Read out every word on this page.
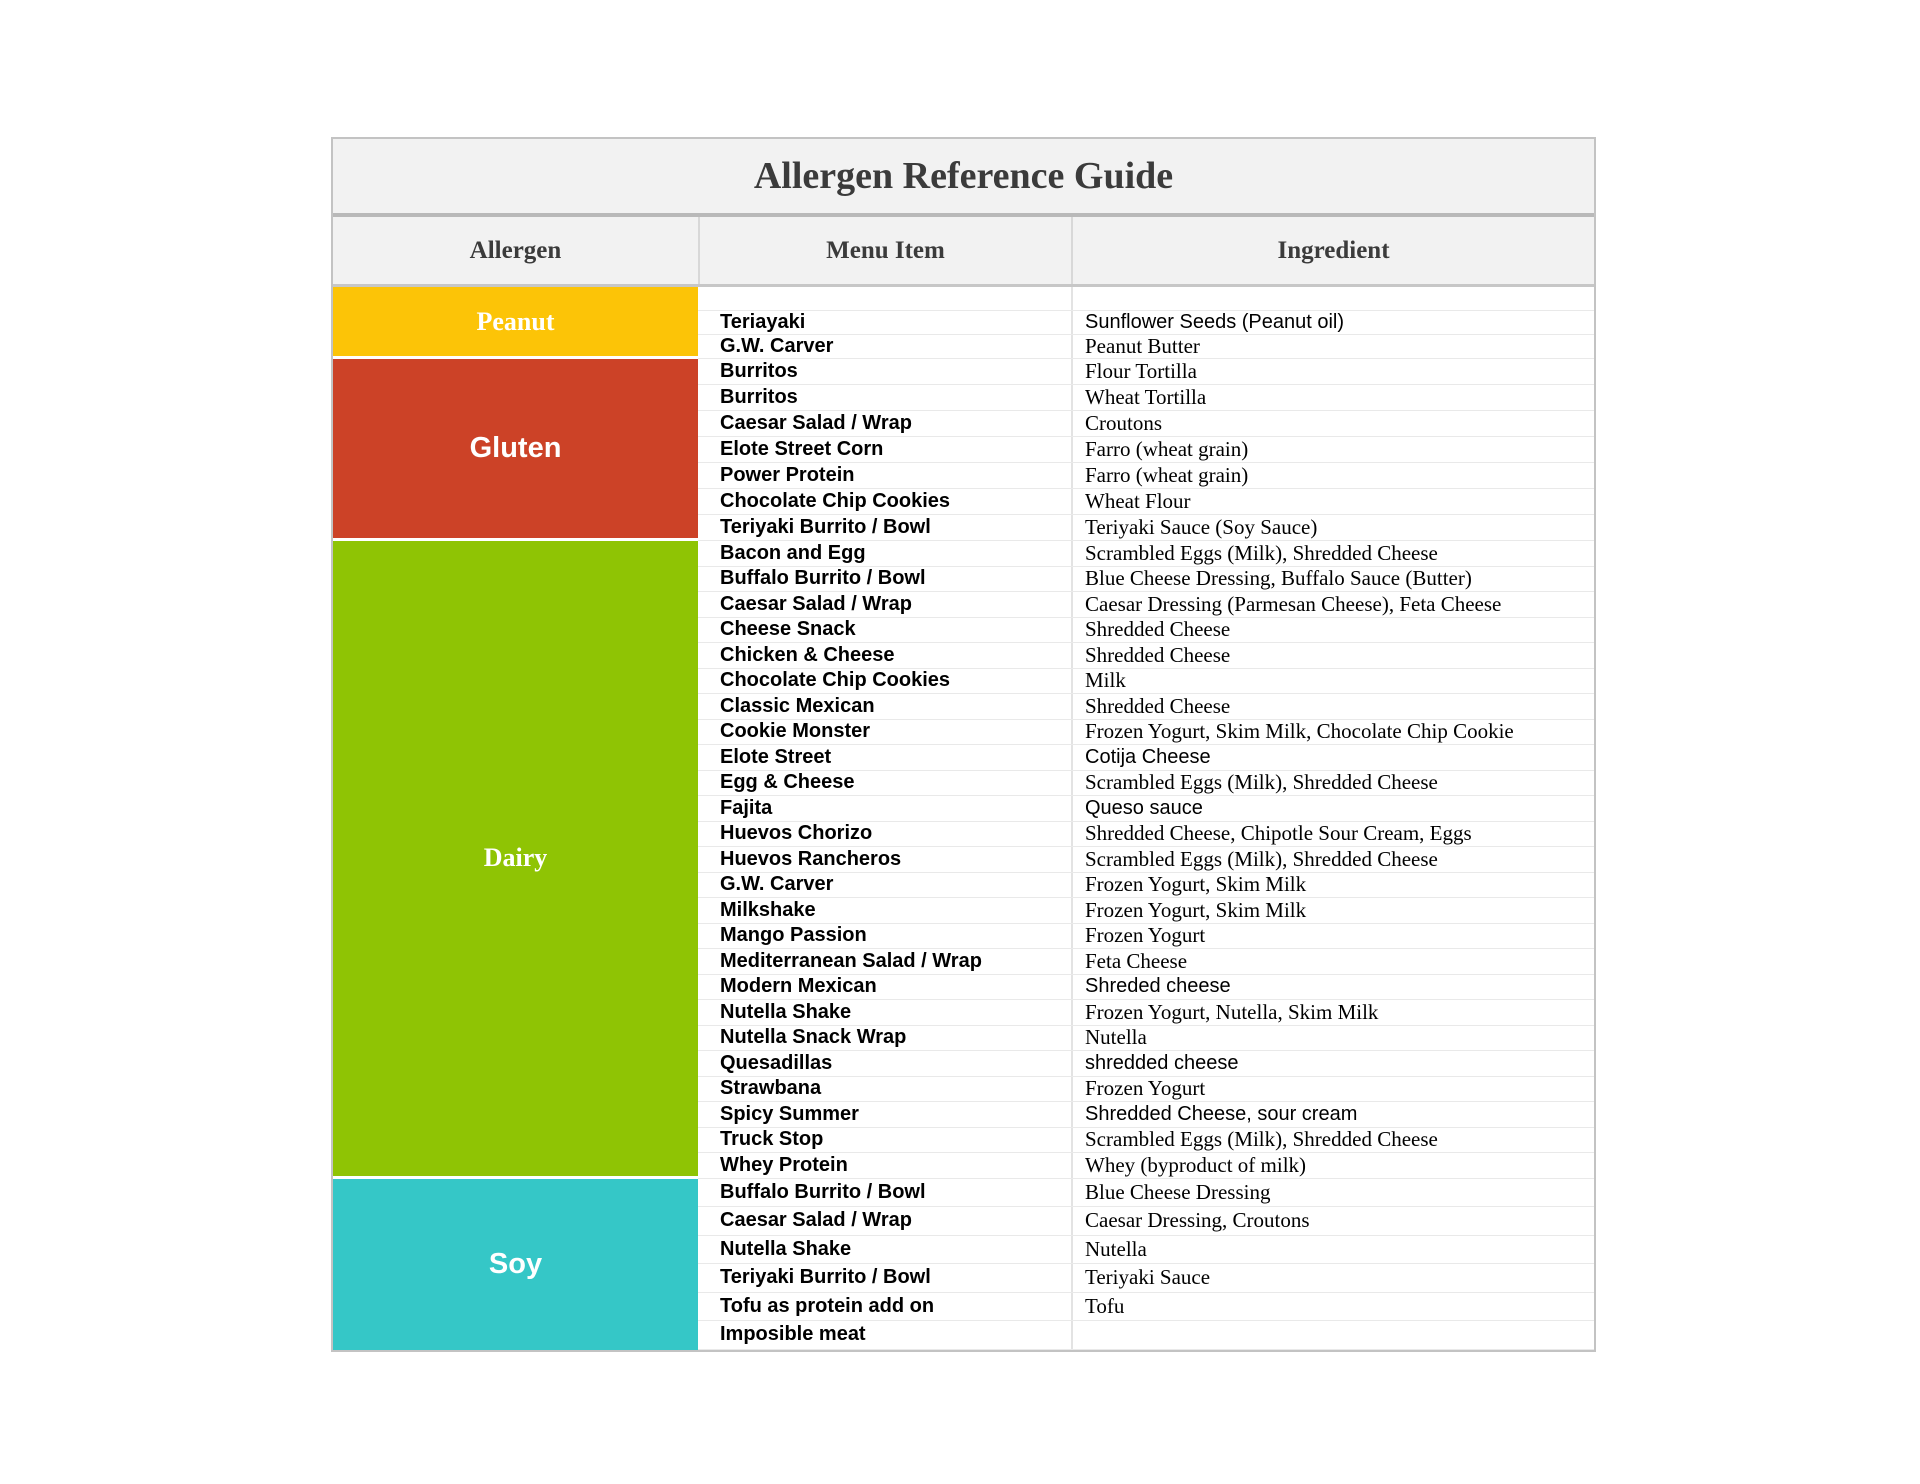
Allergen Reference Guide
Allergen	Menu Item	Ingredient
Peanut	Teriayaki	Sunflower Seeds (Peanut oil)
G.W. Carver	Peanut Butter
Gluten
Burritos	Flour Tortilla
Burritos	Wheat Tortilla
Caesar Salad / Wrap	Croutons
Elote Street Corn	Farro (wheat grain)
Power Protein	Farro (wheat grain)
Chocolate Chip Cookies	Wheat Flour
Teriyaki Burrito / Bowl	Teriyaki Sauce (Soy Sauce)
Dairy
Bacon and Egg	Scrambled Eggs (Milk), Shredded Cheese
Buffalo Burrito / Bowl	Blue Cheese Dressing, Buffalo Sauce (Butter)
Caesar Salad / Wrap	Caesar Dressing (Parmesan Cheese), Feta Cheese
Cheese Snack	Shredded Cheese
Chicken & Cheese	Shredded Cheese
Chocolate Chip Cookies	Milk
Classic Mexican	Shredded Cheese
Cookie Monster	Frozen Yogurt, Skim Milk, Chocolate Chip Cookie
Elote Street	Cotija Cheese
Egg & Cheese	Scrambled Eggs (Milk), Shredded Cheese
Fajita	Queso sauce
Huevos Chorizo	Shredded Cheese, Chipotle Sour Cream, Eggs
Huevos Rancheros	Scrambled Eggs (Milk), Shredded Cheese
G.W. Carver	Frozen Yogurt, Skim Milk
Milkshake	Frozen Yogurt, Skim Milk
Mango Passion	Frozen Yogurt
Mediterranean Salad / Wrap	Feta Cheese
Modern Mexican	Shreded cheese
Nutella Shake	Frozen Yogurt, Nutella, Skim Milk
Nutella Snack Wrap	Nutella
Quesadillas	shredded cheese
Strawbana	Frozen Yogurt
Spicy Summer	Shredded Cheese, sour cream
Truck Stop	Scrambled Eggs (Milk), Shredded Cheese
Whey Protein	Whey (byproduct of milk)
Soy
Buffalo Burrito / Bowl	Blue Cheese Dressing
Caesar Salad / Wrap	Caesar Dressing, Croutons
Nutella Shake	Nutella
Teriyaki Burrito / Bowl	Teriyaki Sauce
Tofu as protein add on	Tofu
Imposible meat
